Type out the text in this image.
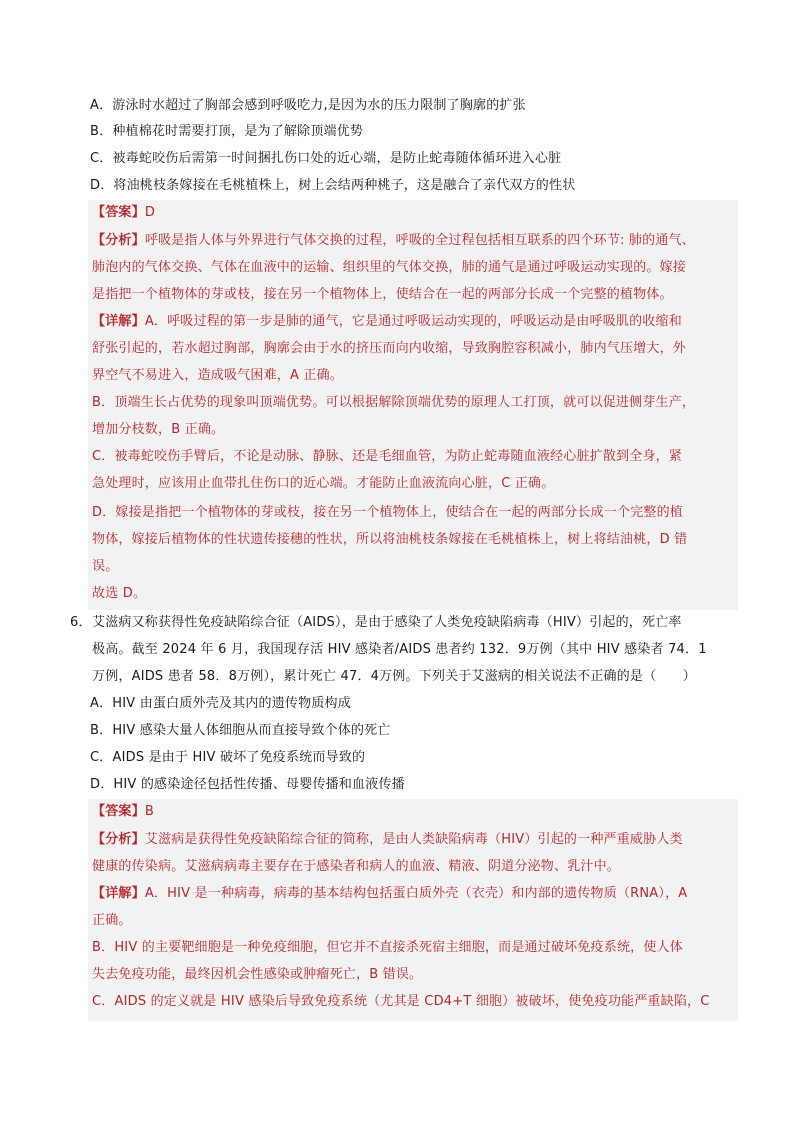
A．游泳时水超过了胸部会感到呼吸吃力,是因为水的压力限制了胸廓的扩张
B．种植棉花时需要打顶，是为了解除顶端优势
C．被毒蛇咬伤后需第一时间捆扎伤口处的近心端，是防止蛇毒随体循环进入心脏
D．将油桃枝条嫁接在毛桃植株上，树上会结两种桃子，这是融合了亲代双方的性状
【答案】D
【分析】呼吸是指人体与外界进行气体交换的过程，呼吸的全过程包括相互联系的四个环节: 肺的通气、
肺泡内的气体交换、气体在血液中的运输、组织里的气体交换，肺的通气是通过呼吸运动实现的。嫁接
是指把一个植物体的芽或枝，接在另一个植物体上，使结合在一起的两部分长成一个完整的植物体。
【详解】A．呼吸过程的第一步是肺的通气，它是通过呼吸运动实现的，呼吸运动是由呼吸肌的收缩和
舒张引起的，若水超过胸部，胸廓会由于水的挤压而向内收缩，导致胸腔容积减小，肺内气压增大，外
界空气不易进入，造成吸气困难，A 正确。
B．顶端生长占优势的现象叫顶端优势。可以根据解除顶端优势的原理人工打顶，就可以促进侧芽生产，
增加分枝数，B 正确。
C．被毒蛇咬伤手臂后，不论是动脉、静脉、还是毛细血管，为防止蛇毒随血液经心脏扩散到全身，紧
急处理时，应该用止血带扎住伤口的近心端。才能防止血液流向心脏，C 正确。
D．嫁接是指把一个植物体的芽或枝，接在另一个植物体上，使结合在一起的两部分长成一个完整的植
物体，嫁接后植物体的性状遗传接穗的性状，所以将油桃枝条嫁接在毛桃植株上，树上将结油桃，D 错
误。
故选 D。
6． 艾滋病又称获得性免疫缺陷综合征（AIDS），是由于感染了人类免疫缺陷病毒（HIV）引起的，死亡率
极高。截至 2024 年 6 月，我国现存活 HIV 感染者/AIDS 患者约 132．9万例（其中 HIV 感染者 74．1
万例，AIDS 患者 58．8万例），累计死亡 47．4万例。下列关于艾滋病的相关说法不正确的是（　　）
A．HIV 由蛋白质外壳及其内的遗传物质构成
B．HIV 感染大量人体细胞从而直接导致个体的死亡
C．AIDS 是由于 HIV 破坏了免疫系统而导致的
D．HIV 的感染途径包括性传播、母婴传播和血液传播
【答案】B
【分析】艾滋病是获得性免疫缺陷综合征的简称，是由人类缺陷病毒（HIV）引起的一种严重威胁人类
健康的传染病。艾滋病病毒主要存在于感染者和病人的血液、精液、阴道分泌物、乳汁中。
【详解】A．HIV 是一种病毒，病毒的基本结构包括蛋白质外壳（衣壳）和内部的遗传物质（RNA），A
正确。
B．HIV 的主要靶细胞是一种免疫细胞，但它并不直接杀死宿主细胞，而是通过破坏免疫系统，使人体
失去免疫功能，最终因机会性感染或肿瘤死亡，B 错误。
C．AIDS 的定义就是 HIV 感染后导致免疫系统（尤其是 CD4+T 细胞）被破坏，使免疫功能严重缺陷，C
